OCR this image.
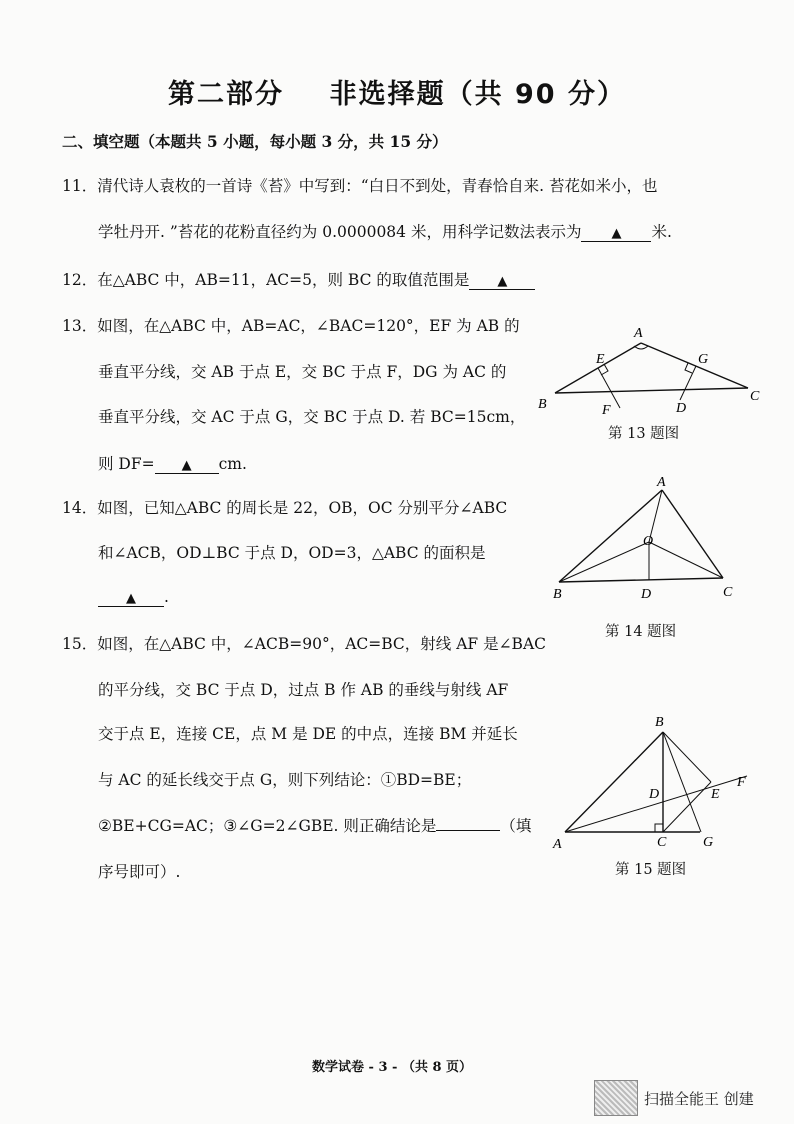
第二部分    非选择题（共 90 分）
二、填空题（本题共 5 小题，每小题 3 分，共 15 分）
11．清代诗人袁枚的一首诗《苔》中写到：“白日不到处，青春恰自来. 苔花如米小，也
学牡丹开. ”苔花的花粉直径约为 0.0000084 米，用科学记数法表示为 ▲ 米.
12．在△ABC 中，AB=11，AC=5，则 BC 的取值范围是 ▲
13．如图，在△ABC 中，AB=AC，∠BAC=120°，EF 为 AB 的
垂直平分线，交 AB 于点 E，交 BC 于点 F，DG 为 AC 的
垂直平分线，交 AC 于点 G，交 BC 于点 D. 若 BC=15cm，
则 DF= ▲ cm.
A
B
C
E
F	D
G
第 13 题图
14．如图，已知△ABC 的周长是 22，OB，OC 分别平分∠ABC
和∠ACB，OD⊥BC 于点 D，OD=3，△ABC 的面积是
▲ .
A
B	C
O
D
第 14 题图
15．如图，在△ABC 中，∠ACB=90°，AC=BC，射线 AF 是∠BAC
的平分线，交 BC 于点 D，过点 B 作 AB 的垂线与射线 AF
交于点 E，连接 CE，点 M 是 DE 的中点，连接 BM 并延长
与 AC 的延长线交于点 G，则下列结论：①BD=BE；
②BE+CG=AC；③∠G=2∠GBE. 则正确结论是	（填
序号即可）.
B
A	C
D	E
F
G
第 15 题图
数学试卷 - 3 - （共 8 页）
扫描全能王 创建
